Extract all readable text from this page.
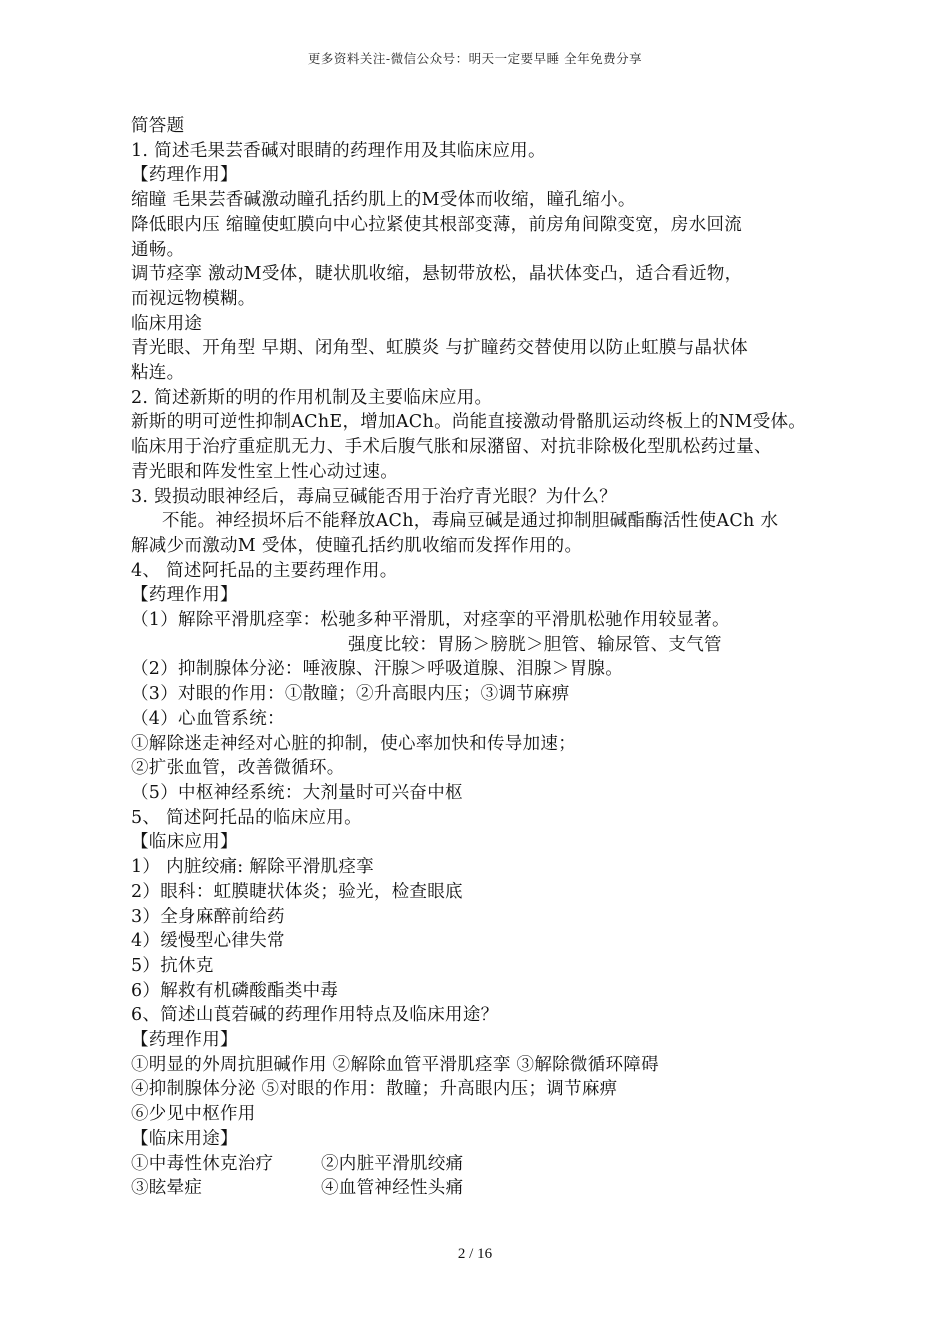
更多资料关注-微信公众号：明天一定要早睡 全年免费分享
简答题
1. 简述毛果芸香碱对眼睛的药理作用及其临床应用。
【药理作用】
缩瞳 毛果芸香碱激动瞳孔括约肌上的M受体而收缩，瞳孔缩小。
降低眼内压 缩瞳使虹膜向中心拉紧使其根部变薄，前房角间隙变宽，房水回流
通畅。
调节痉挛 激动M受体，睫状肌收缩，悬韧带放松，晶状体变凸，适合看近物，
而视远物模糊。
临床用途
青光眼、开角型 早期、闭角型、虹膜炎 与扩瞳药交替使用以防止虹膜与晶状体
粘连。
2. 简述新斯的明的作用机制及主要临床应用。
新斯的明可逆性抑制AChE，增加ACh。尚能直接激动骨骼肌运动终板上的NM受体。
临床用于治疗重症肌无力、手术后腹气胀和尿潴留、对抗非除极化型肌松药过量、
青光眼和阵发性室上性心动过速。
3. 毁损动眼神经后，毒扁豆碱能否用于治疗青光眼？为什么？
不能。神经损坏后不能释放ACh，毒扁豆碱是通过抑制胆碱酯酶活性使ACh 水
解减少而激动M 受体，使瞳孔括约肌收缩而发挥作用的。
4、 简述阿托品的主要药理作用。
【药理作用】
（1）解除平滑肌痉挛：松驰多种平滑肌，对痉挛的平滑肌松驰作用较显著。
强度比较：胃肠＞膀胱＞胆管、输尿管、支气管
（2）抑制腺体分泌：唾液腺、汗腺＞呼吸道腺、泪腺＞胃腺。
（3）对眼的作用：①散瞳；②升高眼内压；③调节麻痹
（4）心血管系统：
①解除迷走神经对心脏的抑制，使心率加快和传导加速；
②扩张血管，改善微循环。
（5）中枢神经系统：大剂量时可兴奋中枢
5、 简述阿托品的临床应用。
【临床应用】
1） 内脏绞痛: 解除平滑肌痉挛
2）眼科：虹膜睫状体炎；验光，检查眼底
3）全身麻醉前给药
4）缓慢型心律失常
5）抗休克
6）解救有机磷酸酯类中毒
6、简述山莨菪碱的药理作用特点及临床用途？
【药理作用】
①明显的外周抗胆碱作用 ②解除血管平滑肌痉挛 ③解除微循环障碍
④抑制腺体分泌 ⑤对眼的作用：散瞳；升高眼内压；调节麻痹
⑥少见中枢作用
【临床用途】
①中毒性休克治疗	②内脏平滑肌绞痛
③眩晕症	④血管神经性头痛
2 / 16
